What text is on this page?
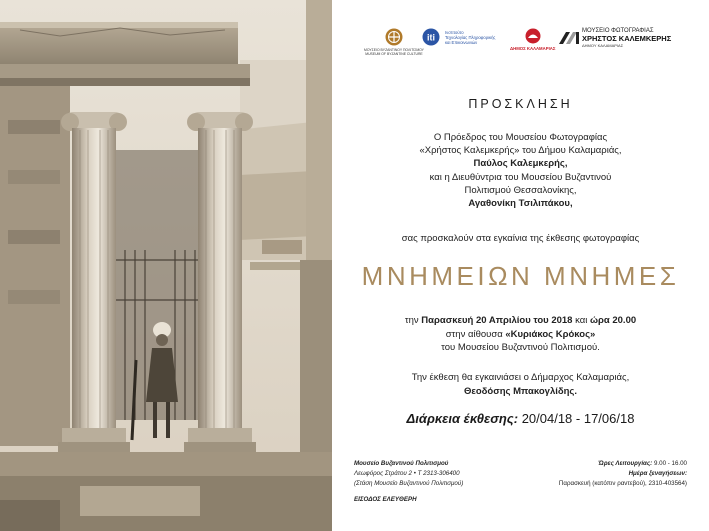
ΜΟΥΣΕΙΟ ΒΥΖΑΝΤΙΝΟΥ ΠΟΛΙΤΙΣΜΟΥ
MUSEUM OF BYZANTINE CULTURE
iti
Ινστιτούτο
Τεχνολογίας Πληροφορικής
και Επικοινωνιών
ΔΗΜΟΣ ΚΑΛΑΜΑΡΙΑΣ
ΜΟΥΣΕΙΟ ΦΩΤΟΓΡΑΦΙΑΣ
ΧΡΗΣΤΟΣ ΚΑΛΕΜΚΕΡΗΣ
ΔΗΜΟΥ ΚΑΛΑΜΑΡΙΑΣ
ΠΡΟΣΚΛΗΣΗ
Ο Πρόεδρος του Μουσείου Φωτογραφίας
«Χρήστος Καλεμκερής» του Δήμου Καλαμαριάς,
Παύλος Καλεμκερής,
και η Διευθύντρια του Μουσείου Βυζαντινού
Πολιτισμού Θεσσαλονίκης,
Αγαθονίκη Τσιλιπάκου,
σας προσκαλούν στα εγκαίνια της έκθεσης φωτογραφίας
ΜΝΗΜΕΙΩΝ ΜΝΗΜΕΣ
την Παρασκευή 20 Απριλίου του 2018 και ώρα 20.00
στην αίθουσα «Κυριάκος Κρόκος»
του Μουσείου Βυζαντινού Πολιτισμού.
Την έκθεση θα εγκαινιάσει ο Δήμαρχος Καλαμαριάς,
Θεοδόσης Μπακογλίδης.
Διάρκεια έκθεσης: 20/04/18 - 17/06/18
Μουσείο Βυζαντινού Πολιτισμού
Λεωφόρος Στράτου 2 • Τ 2313-306400
(Στάση Μουσείο Βυζαντινού Πολιτισμού)
ΕΙΣΟΔΟΣ ΕΛΕΥΘΕΡΗ
Ώρες Λειτουργίας: 9.00 - 16.00
Ημέρα ξεναγήσεων:
Παρασκευή (κατόπιν ραντεβού), 2310-403564)
